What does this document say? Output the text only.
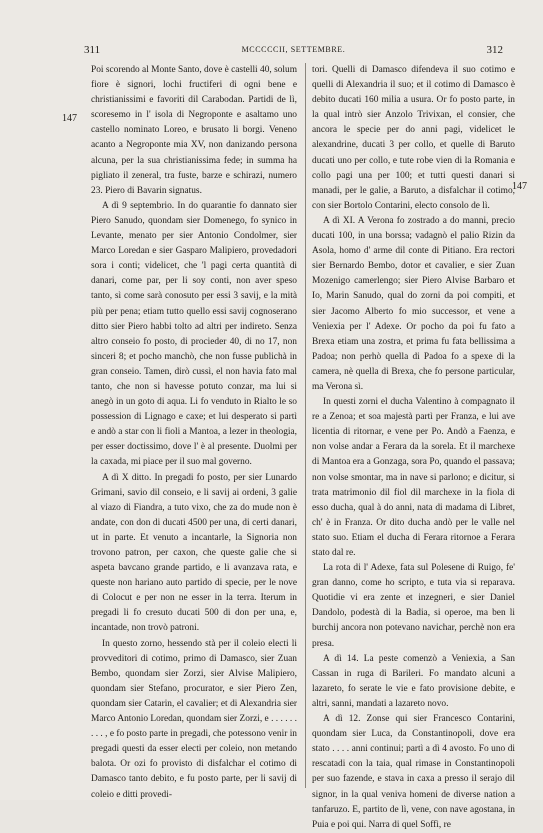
311	MCCCCCII, SETTEMBRE.	312
147
147

Poi scorendo al Monte Santo, dove è castelli 40, solum fiore è signori, lochi fructiferi di ogni bene e christianissimi e favoriti dil Carabodan. Partidi de lì, scoresemo in l' isola di Negroponte e asaltamo uno castello nominato Loreo, e brusato li borgi. Veneno acanto a Negroponte mia XV, non danizando persona alcuna, per la sua christianissima fede; in summa ha pigliato il zeneral, tra fuste, barze e schirazi, numero 23. Piero di Bavarin signatus.

A dì 9 septembrio. In do quarantie fo dannato sier Piero Sanudo, quondam sier Domenego, fo synico in Levante, menato per sier Antonio Condolmer, sier Marco Loredan e sier Gasparo Malipiero, provedadori sora i conti; videlicet, che 'l pagi certa quantità di danari, come par, per li soy conti, non aver speso tanto, sì come sarà conosuto per essi 3 savij, e la mità più per pena; etiam tutto quello essi savij cognoserano ditto sier Piero habbi tolto ad altri per indireto. Senza altro conseio fo posto, di procieder 40, di no 17, non sinceri 8; et pocho manchò, che non fusse publichà in gran conseio. Tamen, dirò cussì, el non havia fato mal tanto, che non si havesse potuto conzar, ma lui si anegò in un goto di aqua. Li fo venduto in Rialto le so possession di Lignago e caxe; et lui desperato si partì e andò a star con li fioli a Mantoa, a lezer in theologia, per esser doctissimo, dove l' è al presente. Duolmi per la caxada, mi piace per il suo mal governo.

A dì X ditto. In pregadi fo posto, per sier Lunardo Grimani, savio dil conseio, e li savij ai ordeni, 3 galie al viazo di Fiandra, a tuto vixo, che za do mude non è andate, con don di ducati 4500 per una, di certi danari, ut in parte. Et venuto a incantarle, la Signoria non trovono patron, per caxon, che queste galie che si aspeta bavcano grande partido, e li avanzava rata, e queste non hariano auto partido di specie, per le nove di Colocut e per non ne esser in la terra. Iterum in pregadi li fo cresuto ducati 500 di don per una, e, incantade, non trovò patroni.

In questo zorno, hessendo stà per il coleio electi li provveditori di cotimo, primo di Damasco, sier Zuan Bembo, quondam sier Zorzi, sier Alvise Malipiero, quondam sier Stefano, procurator, e sier Piero Zen, quondam sier Catarin, el cavalier; et di Alexandria sier Marco Antonio Loredan, quondam sier Zorzi, e . . . . . . . . . , e fo posto parte in pregadi, che potessono venir in pregadi questi da esser electi per coleio, non metando balota. Or ozi fo provisto di disfalchar el cotimo di Damasco tanto debito, e fu posto parte, per li savij di coleio e ditti provedi-

tori. Quelli di Damasco difendeva il suo cotimo e quelli di Alexandria il suo; et il cotimo di Damasco è debito ducati 160 milia a usura. Or fo posto parte, in la qual intrò sier Anzolo Trivixan, el consier, che ancora le specie per do anni pagi, videlicet le alexandrine, ducati 3 per collo, et quelle di Baruto ducati uno per collo, e tute robe vien di la Romania e collo pagi una per 100; et tutti questi danari si manadi, per le galie, a Baruto, a disfalchar il cotimo, con sier Bortolo Contarini, electo consolo de lì.

A dì XI. A Verona fo zostrado a do manni, precio ducati 100, in una borssa; vadagnò el palio Rizin da Asola, homo d' arme dil conte di Pitiano. Era rectori sier Bernardo Bembo, dotor et cavalier, e sier Zuan Mozenigo camerlengo; sier Piero Alvise Barbaro et Io, Marin Sanudo, qual do zorni da poi compiti, et sier Jacomo Alberto fo mio successor, et vene a Veniexia per l' Adexe. Or pocho da poi fu fato a Brexa etiam una zostra, et prima fu fata bellissima a Padoa; non perhò quella di Padoa fo a spexe di la camera, nè quella di Brexa, che fo persone particular, ma Verona sì.

In questi zorni el ducha Valentino à compagnato il re a Zenoa; et soa majestà partì per Franza, e lui ave licentia di ritornar, e vene per Po. Andò a Faenza, e non volse andar a Ferara da la sorela. Et il marchexe di Mantoa era a Gonzaga, sora Po, quando el passava; non volse smontar, ma in nave si parlono; e dicitur, si trata matrimonio dil fiol dil marchexe in la fiola di esso ducha, qual à do anni, nata di madama di Libret, ch' è in Franza. Or dito ducha andò per le valle nel stato suo. Etiam el ducha di Ferara ritornoe a Ferara stato dal re.

La rota di l' Adexe, fata sul Polesene di Ruigo, fe' gran danno, come ho scripto, e tuta via si reparava. Quotidie vi era zente et inzegneri, e sier Daniel Dandolo, podestà di la Badia, si operoe, ma ben li burchij ancora non potevano navichar, perchè non era presa.

A dì 14. La peste comenzò a Veniexia, a San Cassan in ruga di Barileri. Fo mandato alcuni a lazareto, fo serate le vie e fato provisione debite, e altri, sanni, mandati a lazareto novo.

A dì 12. Zonse qui sier Francesco Contarini, quondam sier Luca, da Constantinopoli, dove era stato . . . . anni continui; partì a dì 4 avosto. Fo uno di rescatadi con la taia, qual rimase in Constantinopoli per suo fazende, e stava in caxa a presso il serajo dil signor, in la qual veniva homeni de diverse nation a tanfaruzo. E, partito de lì, vene, con nave agostana, in Puia e poi qui. Narra di quel Soffì, re
